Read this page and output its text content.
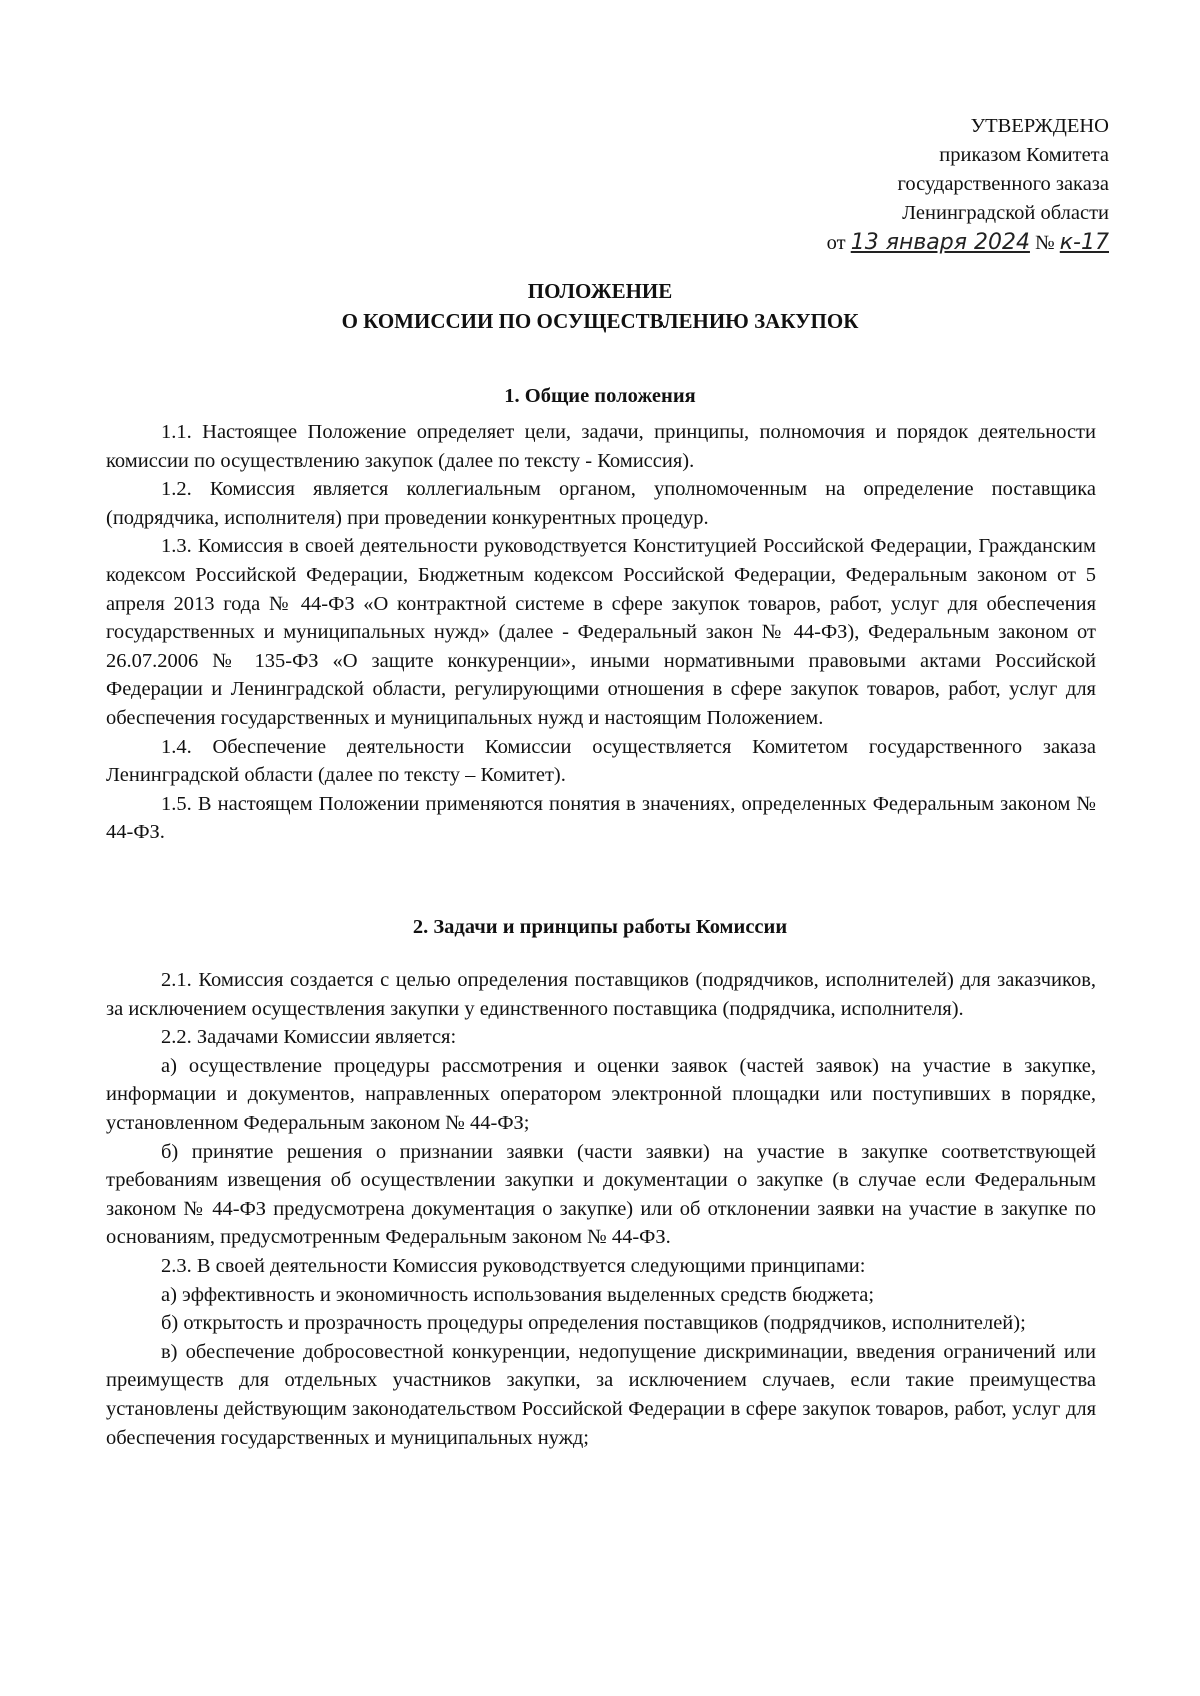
УТВЕРЖДЕНО
приказом Комитета
государственного заказа
Ленинградской области
от 13 января 2024 № к-17
ПОЛОЖЕНИЕ
О КОМИССИИ ПО ОСУЩЕСТВЛЕНИЮ ЗАКУПОК
1. Общие положения

1.1. Настоящее Положение определяет цели, задачи, принципы, полномочия и порядок деятельности комиссии по осуществлению закупок (далее по тексту - Комиссия).

1.2. Комиссия является коллегиальным органом, уполномоченным на определение поставщика (подрядчика, исполнителя) при проведении конкурентных процедур.

1.3. Комиссия в своей деятельности руководствуется Конституцией Российской Федерации, Гражданским кодексом Российской Федерации, Бюджетным кодексом Российской Федерации, Федеральным законом от 5 апреля 2013 года № 44-ФЗ «О контрактной системе в сфере закупок товаров, работ, услуг для обеспечения государственных и муниципальных нужд» (далее - Федеральный закон № 44-ФЗ), Федеральным законом от 26.07.2006 № 135-ФЗ «О защите конкуренции», иными нормативными правовыми актами Российской Федерации и Ленинградской области, регулирующими отношения в сфере закупок товаров, работ, услуг для обеспечения государственных и муниципальных нужд и настоящим Положением.

1.4. Обеспечение деятельности Комиссии осуществляется Комитетом государственного заказа Ленинградской области (далее по тексту – Комитет).

1.5. В настоящем Положении применяются понятия в значениях, определенных Федеральным законом № 44-ФЗ.

2. Задачи и принципы работы Комиссии

2.1. Комиссия создается с целью определения поставщиков (подрядчиков, исполнителей) для заказчиков, за исключением осуществления закупки у единственного поставщика (подрядчика, исполнителя).

2.2. Задачами Комиссии является:

а) осуществление процедуры рассмотрения и оценки заявок (частей заявок) на участие в закупке, информации и документов, направленных оператором электронной площадки или поступивших в порядке, установленном Федеральным законом № 44-ФЗ;

б) принятие решения о признании заявки (части заявки) на участие в закупке соответствующей требованиям извещения об осуществлении закупки и документации о закупке (в случае если Федеральным законом № 44-ФЗ предусмотрена документация о закупке) или об отклонении заявки на участие в закупке по основаниям, предусмотренным Федеральным законом № 44-ФЗ.

2.3. В своей деятельности Комиссия руководствуется следующими принципами:

а) эффективность и экономичность использования выделенных средств бюджета;

б) открытость и прозрачность процедуры определения поставщиков (подрядчиков, исполнителей);

в) обеспечение добросовестной конкуренции, недопущение дискриминации, введения ограничений или преимуществ для отдельных участников закупки, за исключением случаев, если такие преимущества установлены действующим законодательством Российской Федерации в сфере закупок товаров, работ, услуг для обеспечения государственных и муниципальных нужд;
